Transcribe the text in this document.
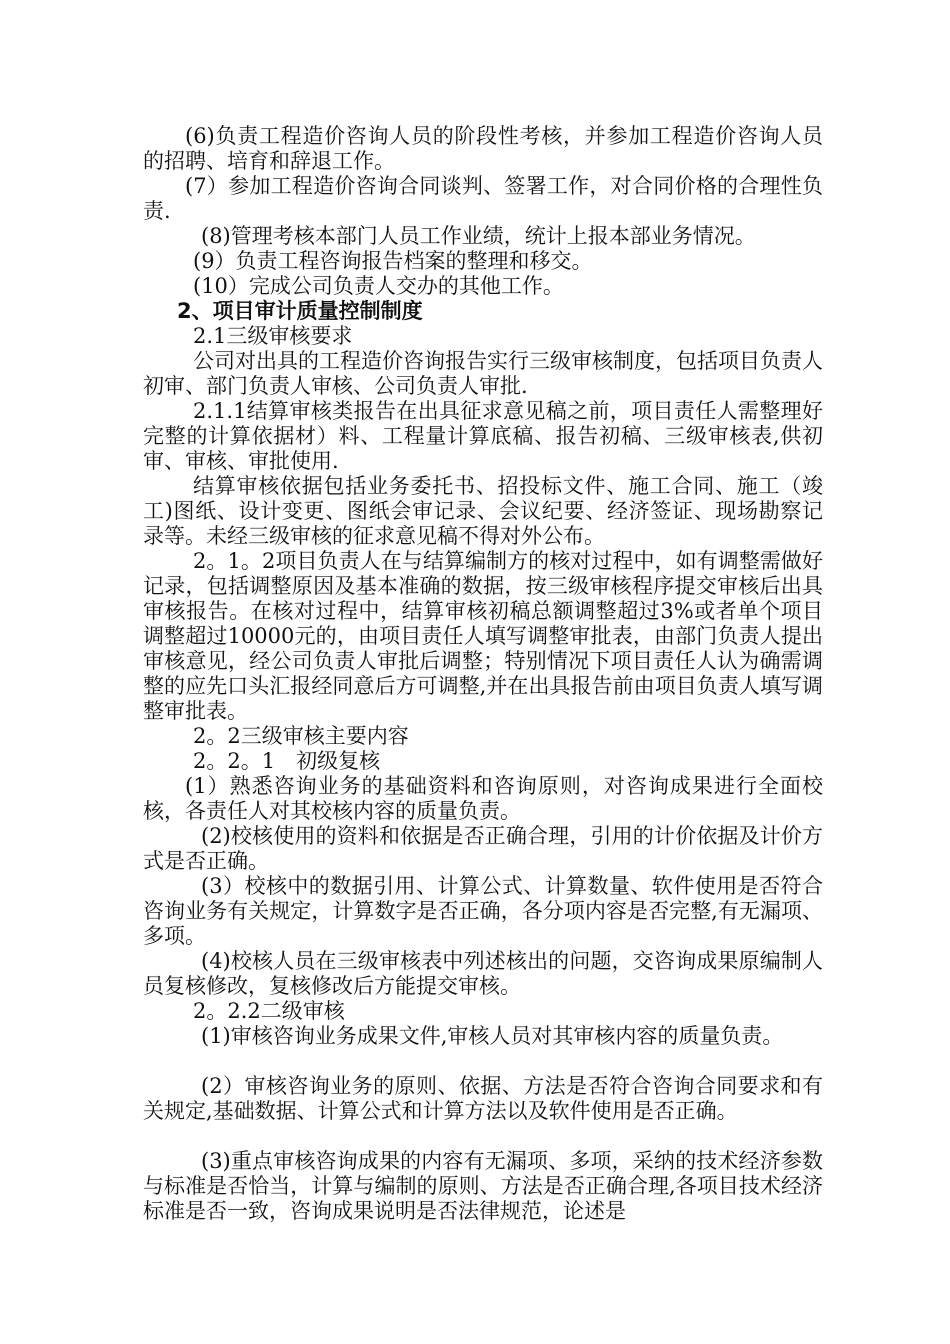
(6)负责工程造价咨询人员的阶段性考核，并参加工程造价咨询人员的招聘、培育和辞退工作。

(7）参加工程造价咨询合同谈判、签署工作，对合同价格的合理性负责.

(8)管理考核本部门人员工作业绩，统计上报本部业务情况。

(9）负责工程咨询报告档案的整理和移交。

(10）完成公司负责人交办的其他工作。

2、项目审计质量控制制度

2.1三级审核要求

公司对出具的工程造价咨询报告实行三级审核制度，包括项目负责人初审、部门负责人审核、公司负责人审批.

2.1.1结算审核类报告在出具征求意见稿之前，项目责任人需整理好完整的计算依据材）料、工程量计算底稿、报告初稿、三级审核表,供初审、审核、审批使用.

结算审核依据包括业务委托书、招投标文件、施工合同、施工（竣工)图纸、设计变更、图纸会审记录、会议纪要、经济签证、现场勘察记录等。未经三级审核的征求意见稿不得对外公布。

2。1。2项目负责人在与结算编制方的核对过程中，如有调整需做好记录，包括调整原因及基本准确的数据，按三级审核程序提交审核后出具审核报告。在核对过程中，结算审核初稿总额调整超过3%或者单个项目调整超过10000元的，由项目责任人填写调整审批表，由部门负责人提出审核意见，经公司负责人审批后调整；特别情况下项目责任人认为确需调整的应先口头汇报经同意后方可调整,并在出具报告前由项目负责人填写调整审批表。

2。2三级审核主要内容

2。2。1　初级复核

(1）熟悉咨询业务的基础资料和咨询原则，对咨询成果进行全面校核，各责任人对其校核内容的质量负责。

(2)校核使用的资料和依据是否正确合理，引用的计价依据及计价方式是否正确。

(3）校核中的数据引用、计算公式、计算数量、软件使用是否符合咨询业务有关规定，计算数字是否正确，各分项内容是否完整,有无漏项、多项。

(4)校核人员在三级审核表中列述核出的问题，交咨询成果原编制人员复核修改，复核修改后方能提交审核。

2。2.2二级审核

(1)审核咨询业务成果文件,审核人员对其审核内容的质量负责。

(2）审核咨询业务的原则、依据、方法是否符合咨询合同要求和有关规定,基础数据、计算公式和计算方法以及软件使用是否正确。

(3)重点审核咨询成果的内容有无漏项、多项，采纳的技术经济参数与标准是否恰当，计算与编制的原则、方法是否正确合理,各项目技术经济标准是否一致，咨询成果说明是否法律规范，论述是
